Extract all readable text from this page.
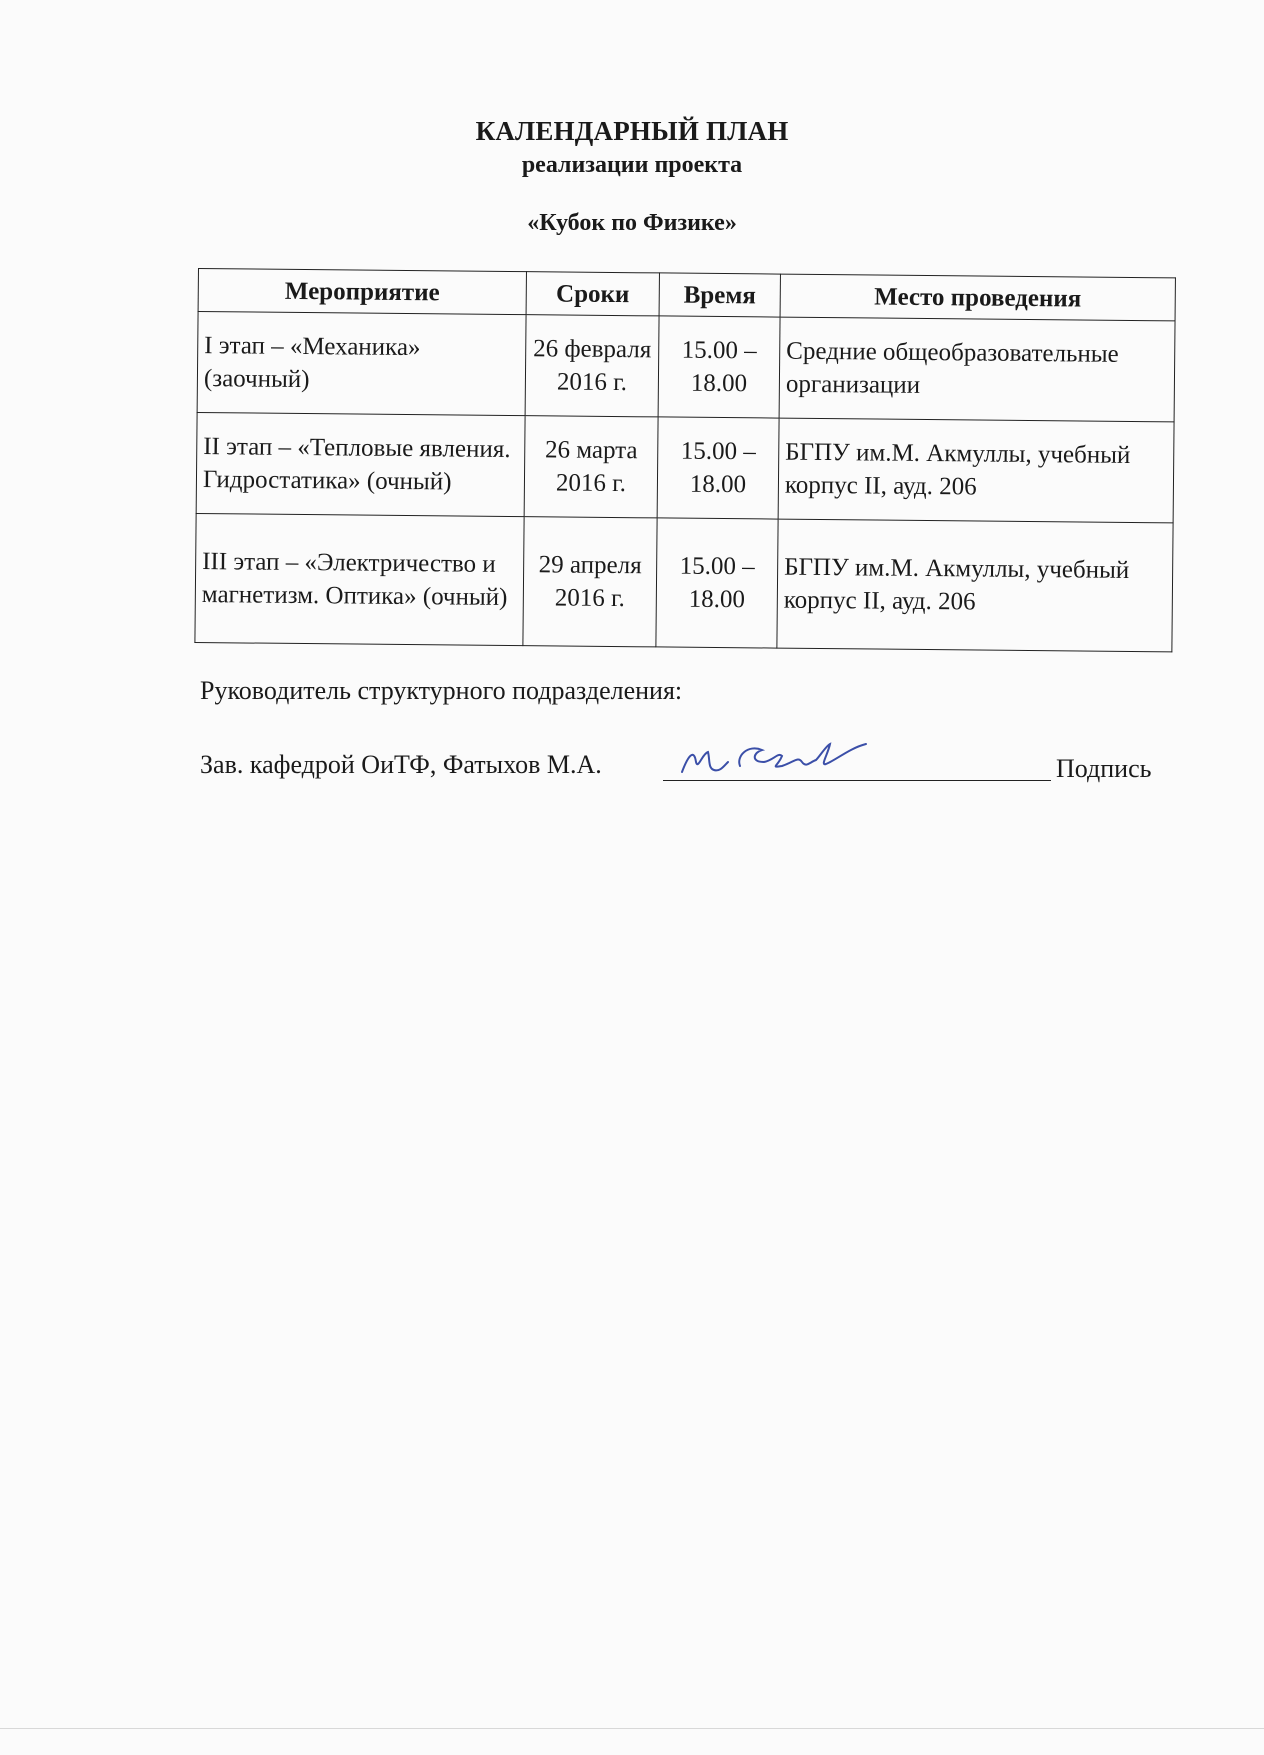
КАЛЕНДАРНЫЙ ПЛАН
реализации проекта
«Кубок по Физике»
Мероприятие	Сроки	Время	Место проведения
I этап – «Механика» (заочный)	26 февраля 2016 г.	15.00 – 18.00	Средние общеобразовательные организации
II этап – «Тепловые явления. Гидростатика» (очный)	26 марта 2016 г.	15.00 – 18.00	БГПУ им.М. Акмуллы, учебный корпус II, ауд. 206
III этап – «Электричество и магнетизм. Оптика» (очный)	29 апреля 2016 г.	15.00 – 18.00	БГПУ им.М. Акмуллы, учебный корпус II, ауд. 206
Руководитель структурного подразделения:
Зав. кафедрой ОиТФ, Фатыхов М.А.	Подпись
